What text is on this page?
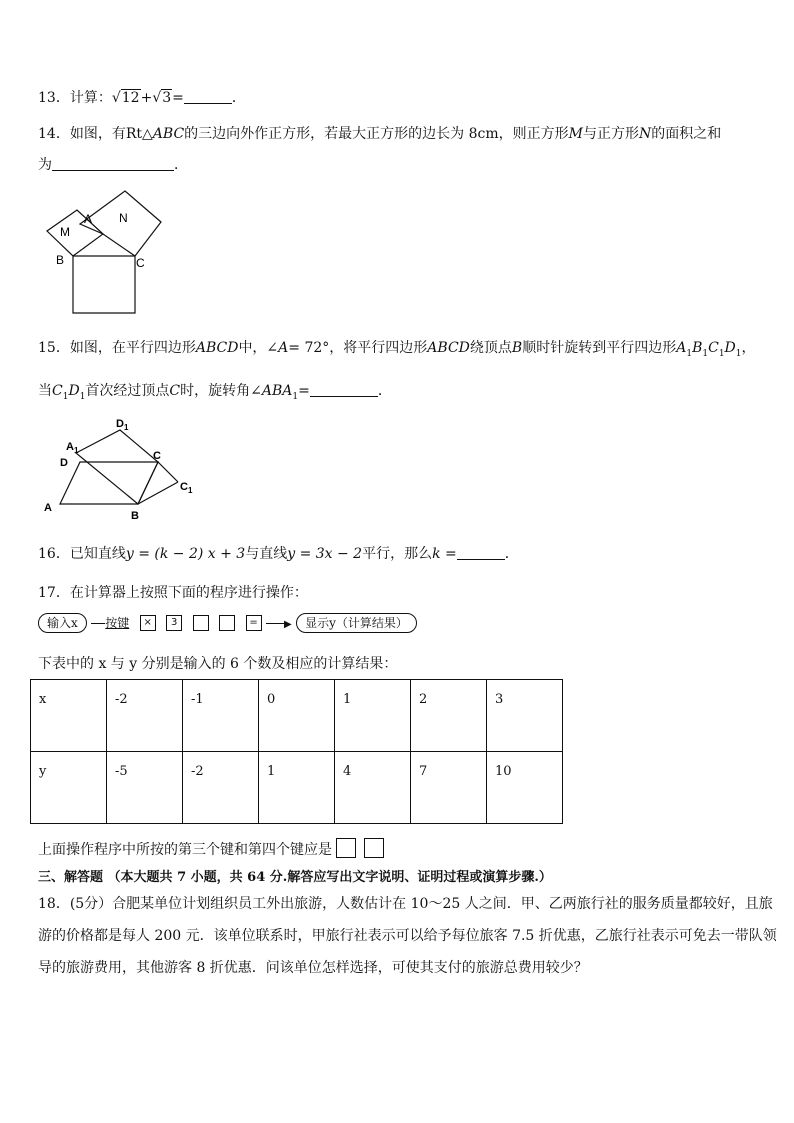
13．计算：√12+√3=	．
14．如图，有Rt△ABC的三边向外作正方形，若最大正方形的边长为 8cm，则正方形M与正方形N的面积之和
为	．
M
N
A
B	C
15．如图，在平行四边形ABCD中，∠A= 72°，将平行四边形ABCD绕顶点B顺时针旋转到平行四边形$A_1B_1C_1D_1$，
当$C_1D_1$首次经过顶点C时，旋转角$\angle ABA_1=$	．
$D_1$
$A_1$
D
C
$C_1$
A
B
16．已知直线y = (k − 2) x + 3与直线y = 3x − 2平行，那么k =	．
17．在计算器上按照下面的程序进行操作：
输入x 按键 × 3	=	▶ 显示y（计算结果）
下表中的 x 与 y 分别是输入的 6 个数及相应的计算结果：
x	-2	-1	0	1	2	3
y	-5	-2	1	4	7	10
上面操作程序中所按的第三个键和第四个键应是
三、解答题 （本大题共 7 小题，共 64 分.解答应写出文字说明、证明过程或演算步骤.）
18．(5分）合肥某单位计划组织员工外出旅游，人数估计在 10～25 人之间．甲、乙两旅行社的服务质量都较好，且旅
游的价格都是每人 200 元．该单位联系时，甲旅行社表示可以给予每位旅客 7.5 折优惠，乙旅行社表示可免去一带队领
导的旅游费用，其他游客 8 折优惠．问该单位怎样选择，可使其支付的旅游总费用较少？
